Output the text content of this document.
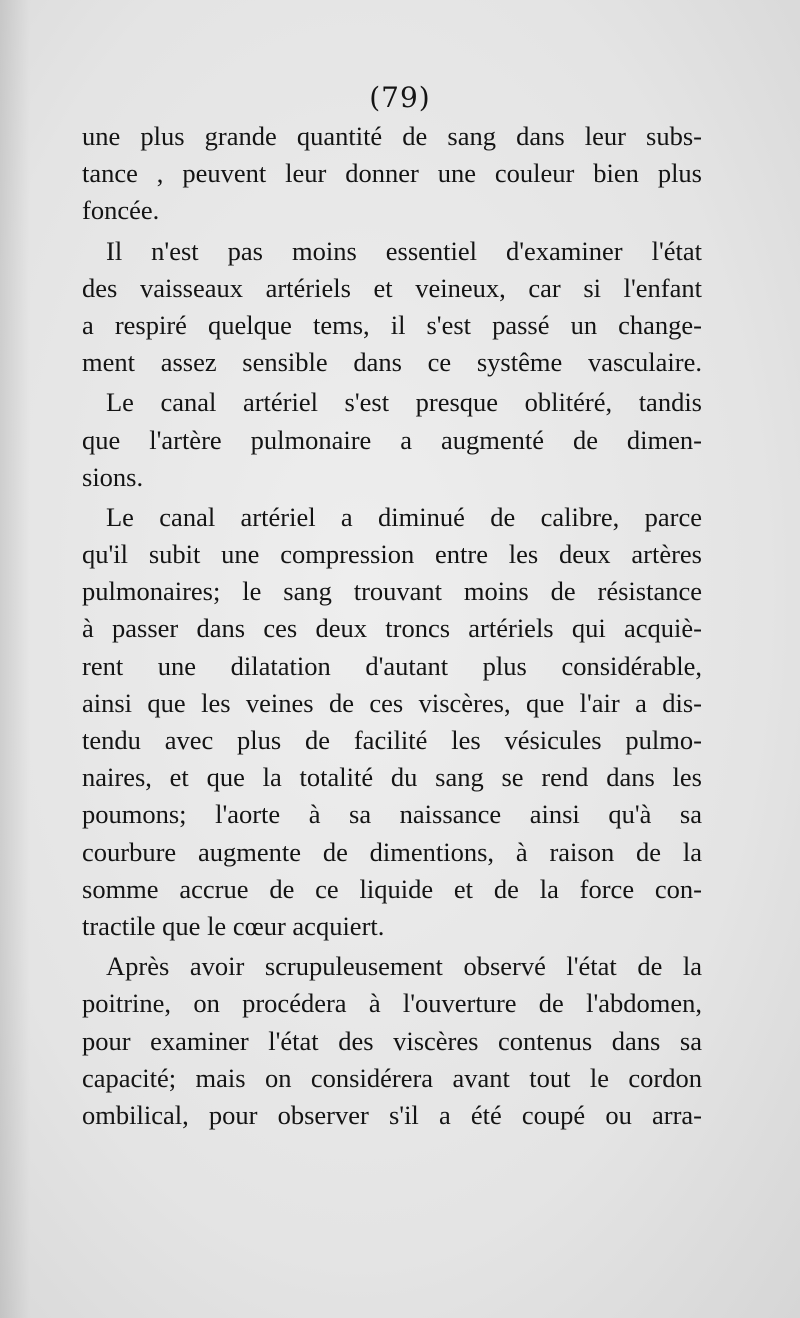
(79)
une plus grande quantité de sang dans leur subs-
tance , peuvent leur donner une couleur bien plus
foncée.
Il n'est pas moins essentiel d'examiner l'état
des vaisseaux artériels et veineux, car si l'enfant
a respiré quelque tems, il s'est passé un change-
ment assez sensible dans ce systême vasculaire.
Le canal artériel s'est presque oblitéré, tandis
que l'artère pulmonaire a augmenté de dimen-
sions.
Le canal artériel a diminué de calibre, parce
qu'il subit une compression entre les deux artères
pulmonaires; le sang trouvant moins de résistance
à passer dans ces deux troncs artériels qui acquiè-
rent une dilatation d'autant plus considérable,
ainsi que les veines de ces viscères, que l'air a dis-
tendu avec plus de facilité les vésicules pulmo-
naires, et que la totalité du sang se rend dans les
poumons; l'aorte à sa naissance ainsi qu'à sa
courbure augmente de dimentions, à raison de la
somme accrue de ce liquide et de la force con-
tractile que le cœur acquiert.
Après avoir scrupuleusement observé l'état de la
poitrine, on procédera à l'ouverture de l'abdomen,
pour examiner l'état des viscères contenus dans sa
capacité; mais on considérera avant tout le cordon
ombilical, pour observer s'il a été coupé ou arra-
